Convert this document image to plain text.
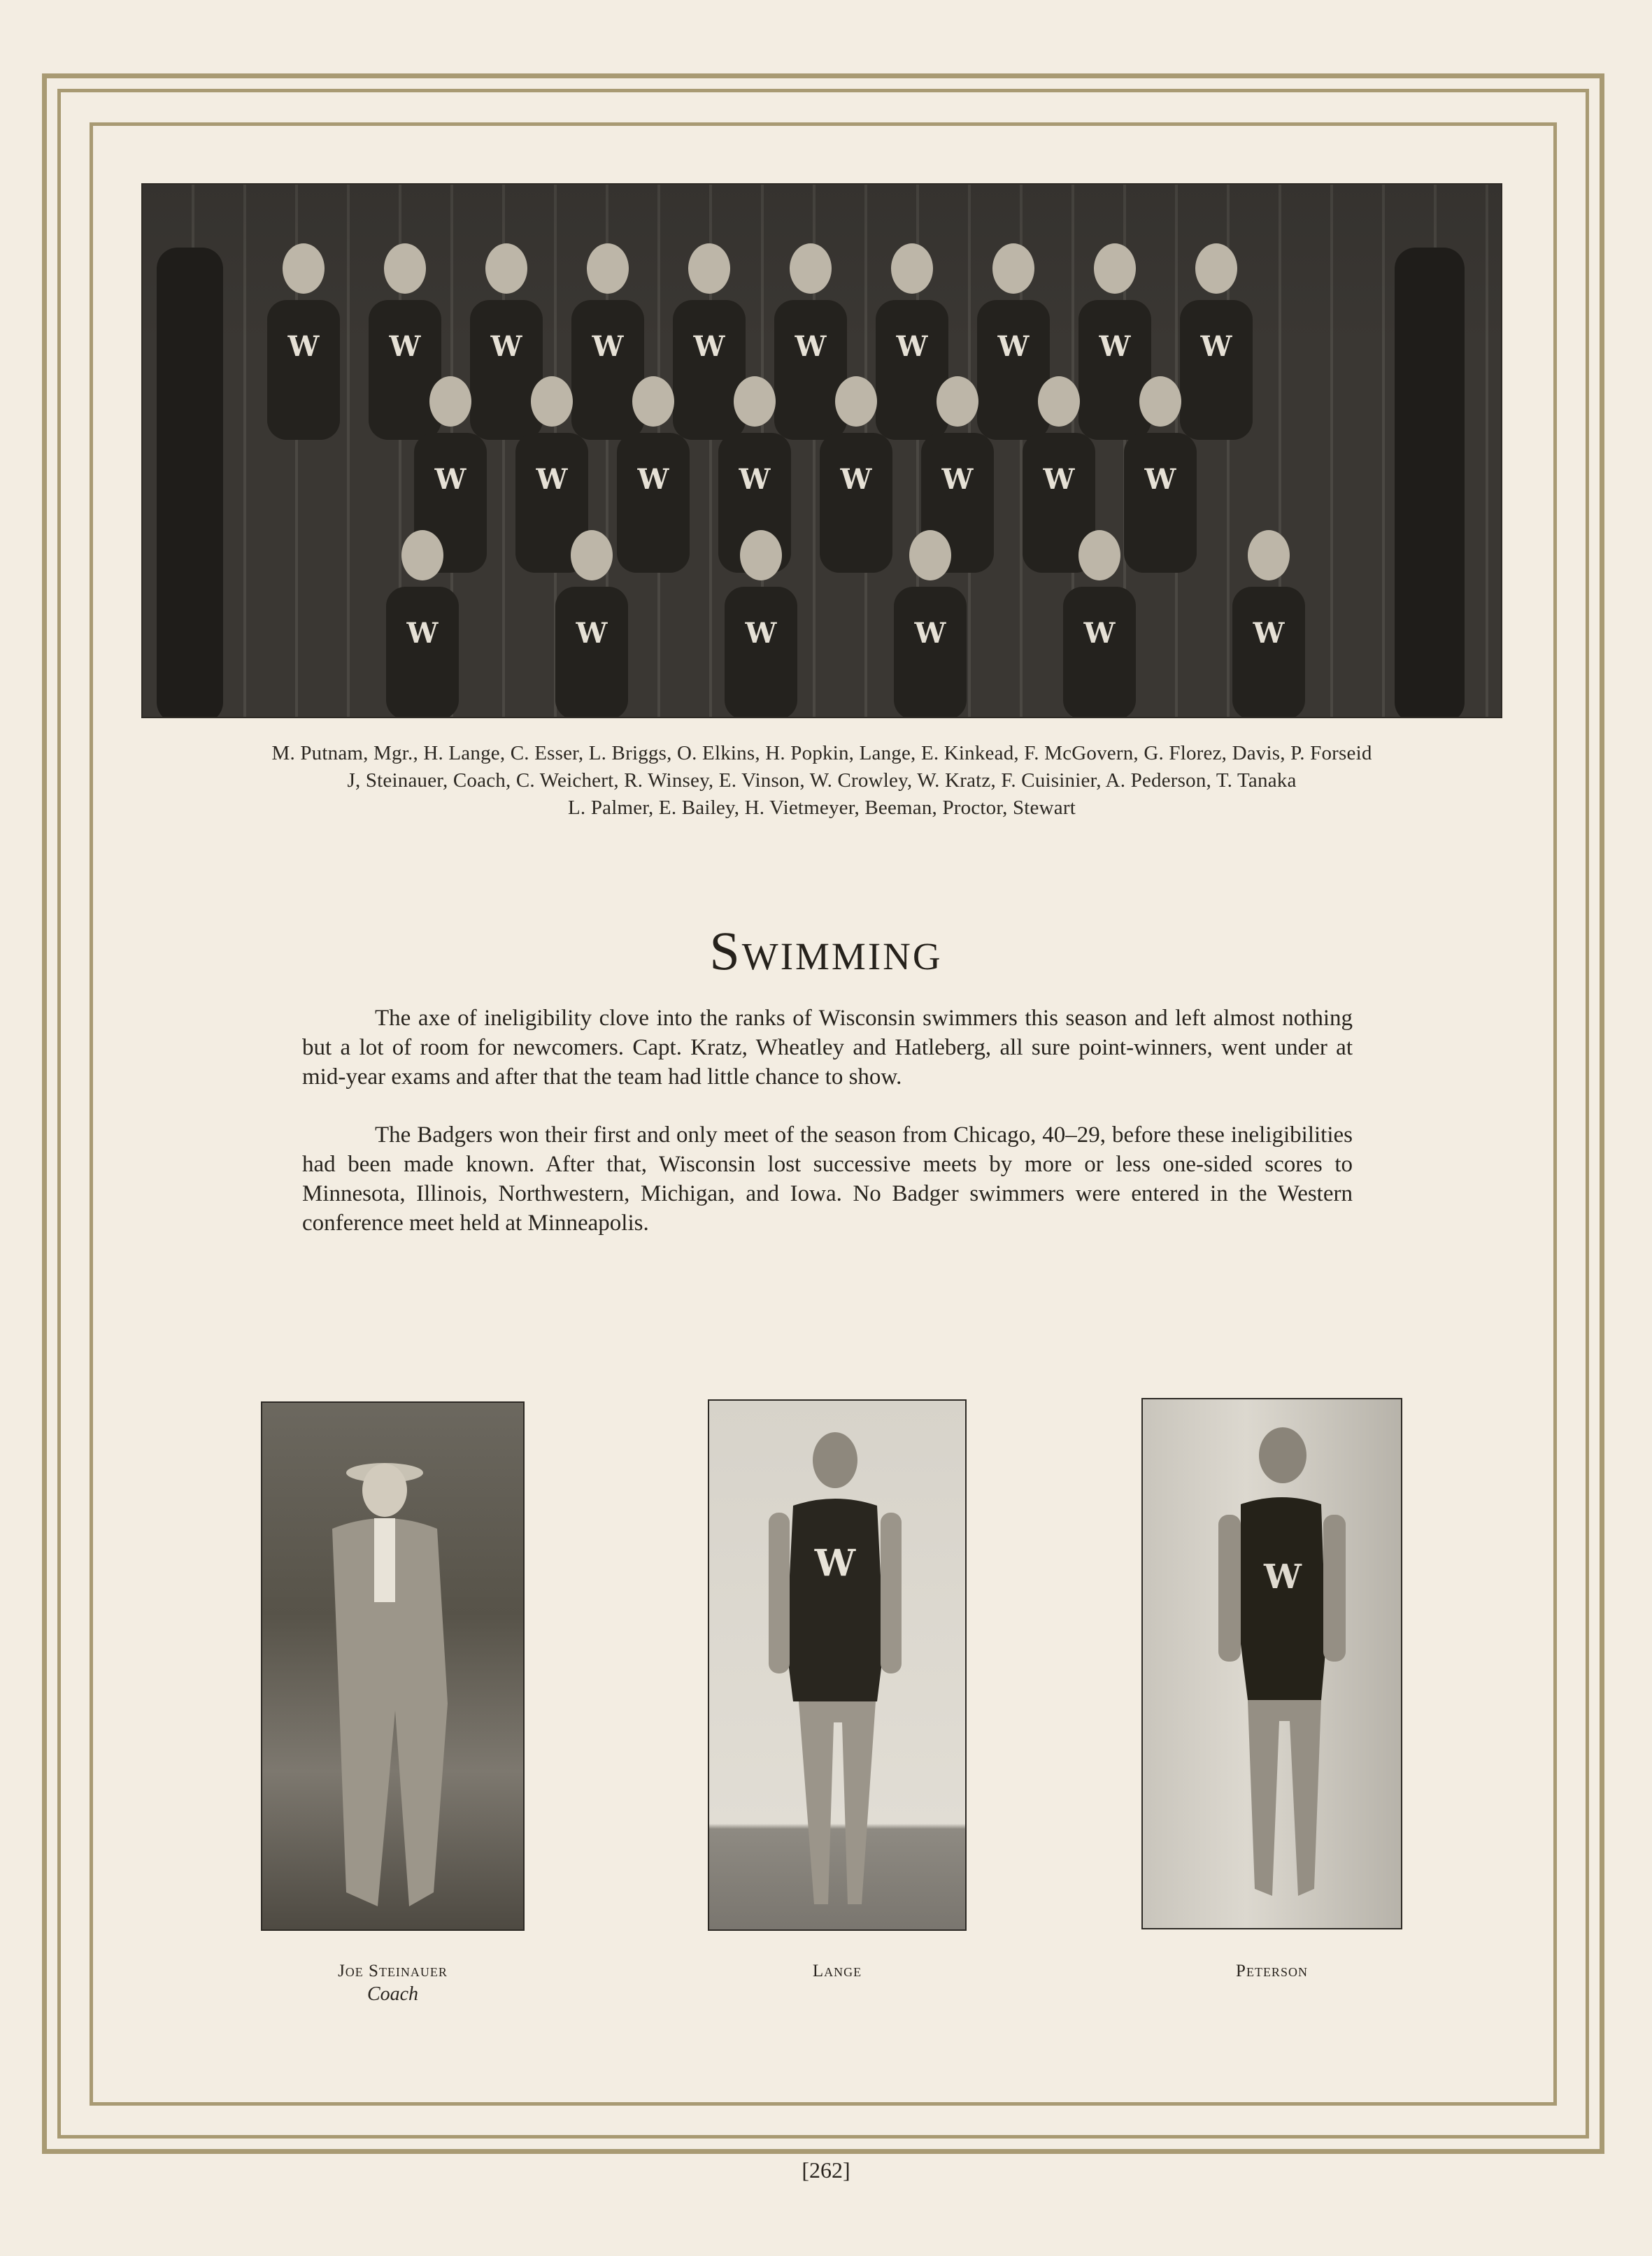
W	W	W	W	W	W	W	W	W	W
W	W	W	W	W	W	W	W
W	W	W	W	W	W
M. Putnam, Mgr., H. Lange, C. Esser, L. Briggs, O. Elkins, H. Popkin, Lange, E. Kinkead, F. McGovern, G. Florez, Davis, P. Forseid
J, Steinauer, Coach, C. Weichert, R. Winsey, E. Vinson, W. Crowley, W. Kratz, F. Cuisinier, A. Pederson, T. Tanaka
L. Palmer, E. Bailey, H. Vietmeyer, Beeman, Proctor, Stewart
Swimming
The axe of ineligibility clove into the ranks of Wisconsin swimmers this season and left almost nothing but a lot of room for newcomers. Capt. Kratz, Wheatley and Hatleberg, all sure point-winners, went under at mid-year exams and after that the team had little chance to show.
The Badgers won their first and only meet of the season from Chicago, 40–29, before these ineligibilities had been made known. After that, Wisconsin lost successive meets by more or less one-sided scores to Minnesota, Illinois, Northwestern, Michigan, and Iowa. No Badger swimmers were entered in the Western conference meet held at Minneapolis.
W	W
Joe Steinauer
Coach
Lange	Peterson
[262]
